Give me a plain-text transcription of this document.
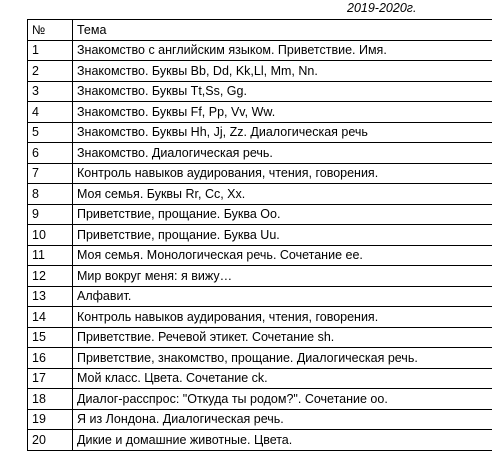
2019-2020г.
№	Тема
1	Знакомство с английским языком. Приветствие. Имя.
2	Знакомство. Буквы Bb, Dd, Kk,Ll, Mm, Nn.
3	Знакомство. Буквы Tt,Ss, Gg.
4	Знакомство. Буквы Ff, Pp, Vv, Ww.
5	Знакомство. Буквы Hh, Jj, Zz. Диалогическая речь
6	Знакомство. Диалогическая речь.
7	Контроль навыков аудирования, чтения, говорения.
8	Моя семья. Буквы Rr, Cc, Xx.
9	Приветствие, прощание. Буква Oo.
10	Приветствие, прощание. Буква Uu.
11	Моя семья. Монологическая речь. Сочетание ee.
12	Мир вокруг меня: я вижу…
13	Алфавит.
14	Контроль навыков аудирования, чтения, говорения.
15	Приветствие. Речевой этикет. Сочетание sh.
16	Приветствие, знакомство, прощание. Диалогическая речь.
17	Мой класс. Цвета. Сочетание ck.
18	Диалог-расспрос: "Откуда ты родом?". Сочетание oo.
19	Я из Лондона. Диалогическая речь.
20	Дикие и домашние животные. Цвета.
